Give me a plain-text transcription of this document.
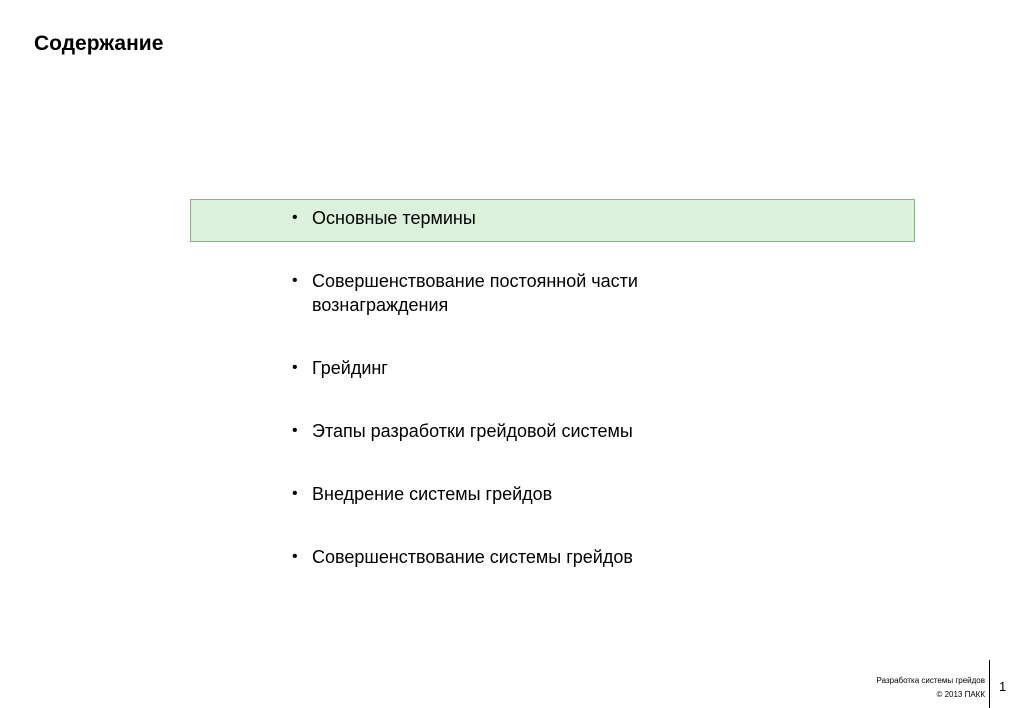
Содержание
• Основные термины
• Совершенствование постоянной части вознаграждения
• Грейдинг
• Этапы разработки грейдовой системы
• Внедрение системы грейдов
• Совершенствование системы грейдов
Разработка системы грейдов
© 2013 ПАКК
1
